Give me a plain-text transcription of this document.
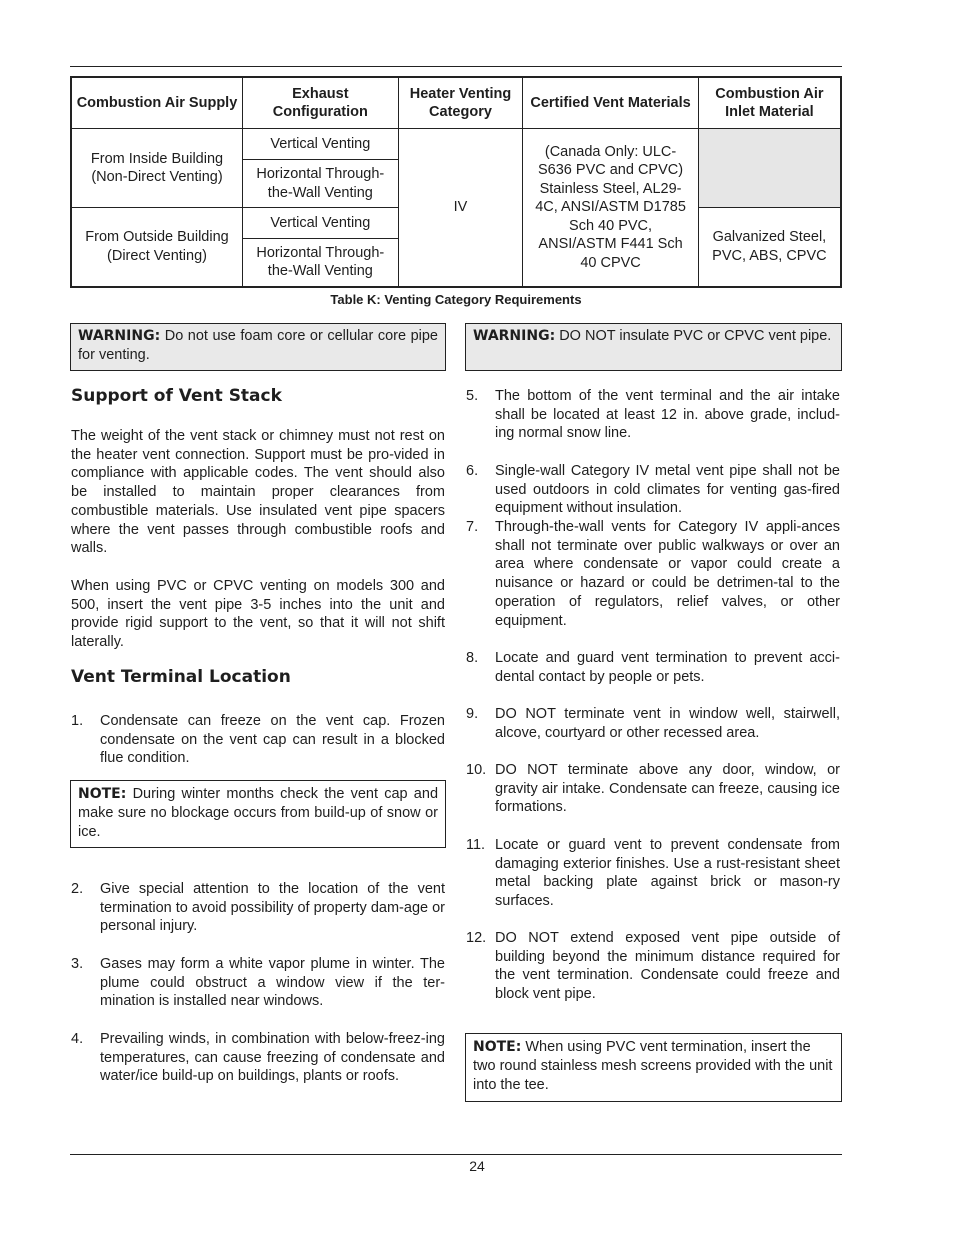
Combustion Air Supply	Exhaust Configuration	Heater Venting Category	Certified Vent Materials	Combustion Air Inlet Material
From Inside Building (Non-Direct Venting)	Vertical Venting	IV	(Canada Only: ULC-S636 PVC and CPVC) Stainless Steel, AL29-4C, ANSI/ASTM D1785 Sch 40 PVC, ANSI/ASTM F441 Sch 40 CPVC	
	Horizontal Through-the-Wall Venting			
From Outside Building (Direct Venting)	Vertical Venting			Galvanized Steel, PVC, ABS, CPVC
	Horizontal Through-the-Wall Venting			
Table K: Venting Category Requirements
WARNING: Do not use foam core or cellular core pipe for venting.
WARNING: DO NOT insulate PVC or CPVC vent pipe.
Support of Vent Stack
The weight of the vent stack or chimney must not rest on the heater vent connection. Support must be pro-vided in compliance with applicable codes. The vent should also be installed to maintain proper clearances from combustible materials. Use insulated vent pipe spacers where the vent passes through combustible roofs and walls.
When using PVC or CPVC venting on models 300 and 500, insert the vent pipe 3-5 inches into the unit and provide rigid support to the vent, so that it will not shift laterally.
Vent Terminal Location
1. Condensate can freeze on the vent cap. Frozen condensate on the vent cap can result in a blocked flue condition.
NOTE: During winter months check the vent cap and make sure no blockage occurs from build-up of snow or ice.
2. Give special attention to the location of the vent termination to avoid possibility of property dam-age or personal injury.
3. Gases may form a white vapor plume in winter. The plume could obstruct a window view if the ter-mination is installed near windows.
4. Prevailing winds, in combination with below-freez-ing temperatures, can cause freezing of condensate and water/ice build-up on buildings, plants or roofs.
5. The bottom of the vent terminal and the air intake shall be located at least 12 in. above grade, includ-ing normal snow line.
6. Single-wall Category IV metal vent pipe shall not be used outdoors in cold climates for venting gas-fired equipment without insulation.
7. Through-the-wall vents for Category IV appli-ances shall not terminate over public walkways or over an area where condensate or vapor could create a nuisance or hazard or could be detrimen-tal to the operation of regulators, relief valves, or other equipment.
8. Locate and guard vent termination to prevent acci-dental contact by people or pets.
9. DO NOT terminate vent in window well, stairwell, alcove, courtyard or other recessed area.
10. DO NOT terminate above any door, window, or gravity air intake. Condensate can freeze, causing ice formations.
11. Locate or guard vent to prevent condensate from damaging exterior finishes. Use a rust-resistant sheet metal backing plate against brick or mason-ry surfaces.
12. DO NOT extend exposed vent pipe outside of building beyond the minimum distance required for the vent termination. Condensate could freeze and block vent pipe.
NOTE: When using PVC vent termination, insert the two round stainless mesh screens provided with the unit into the tee.
24
